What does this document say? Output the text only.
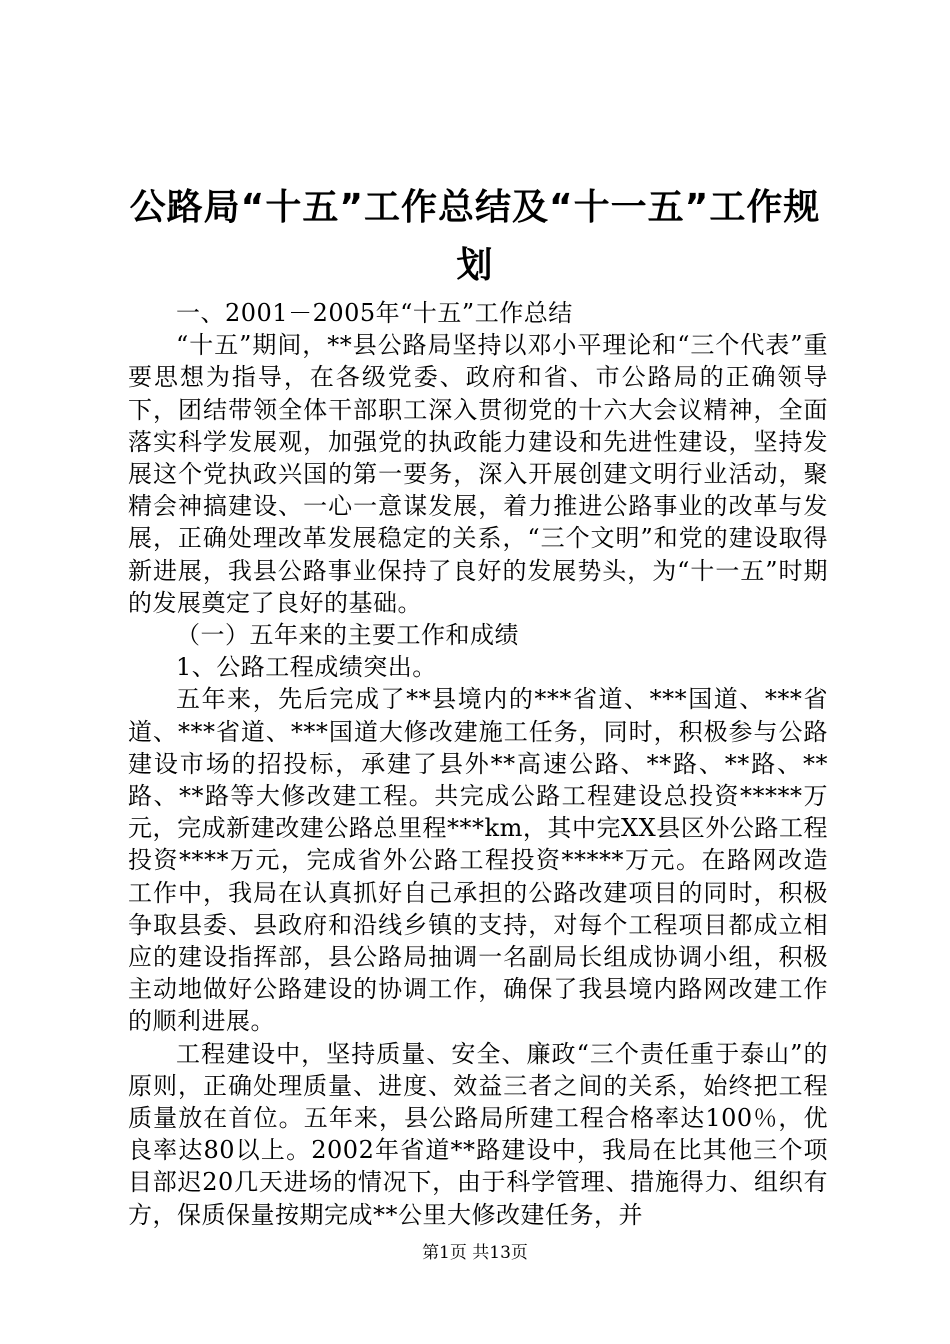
公路局“十五”工作总结及“十一五”工作规划

一、2001－2005年“十五”工作总结

“十五”期间，**县公路局坚持以邓小平理论和“三个代表”重要思想为指导，在各级党委、政府和省、市公路局的正确领导下，团结带领全体干部职工深入贯彻党的十六大会议精神，全面落实科学发展观，加强党的执政能力建设和先进性建设，坚持发展这个党执政兴国的第一要务，深入开展创建文明行业活动，聚精会神搞建设、一心一意谋发展，着力推进公路事业的改革与发展，正确处理改革发展稳定的关系，“三个文明”和党的建设取得新进展，我县公路事业保持了良好的发展势头，为“十一五”时期的发展奠定了良好的基础。

（一）五年来的主要工作和成绩

1、公路工程成绩突出。

五年来，先后完成了**县境内的***省道、***国道、***省道、***省道、***国道大修改建施工任务，同时，积极参与公路建设市场的招投标，承建了县外**高速公路、**路、**路、**路、**路等大修改建工程。共完成公路工程建设总投资*****万元，完成新建改建公路总里程***km，其中完XX县区外公路工程投资****万元，完成省外公路工程投资*****万元。在路网改造工作中，我局在认真抓好自己承担的公路改建项目的同时，积极争取县委、县政府和沿线乡镇的支持，对每个工程项目都成立相应的建设指挥部，县公路局抽调一名副局长组成协调小组，积极主动地做好公路建设的协调工作，确保了我县境内路网改建工作的顺利进展。

工程建设中，坚持质量、安全、廉政“三个责任重于泰山”的原则，正确处理质量、进度、效益三者之间的关系，始终把工程质量放在首位。五年来，县公路局所建工程合格率达100％，优良率达80以上。2002年省道**路建设中，我局在比其他三个项目部迟20几天进场的情况下，由于科学管理、措施得力、组织有方，保质保量按期完成**公里大修改建任务，并

第1页 共13页
